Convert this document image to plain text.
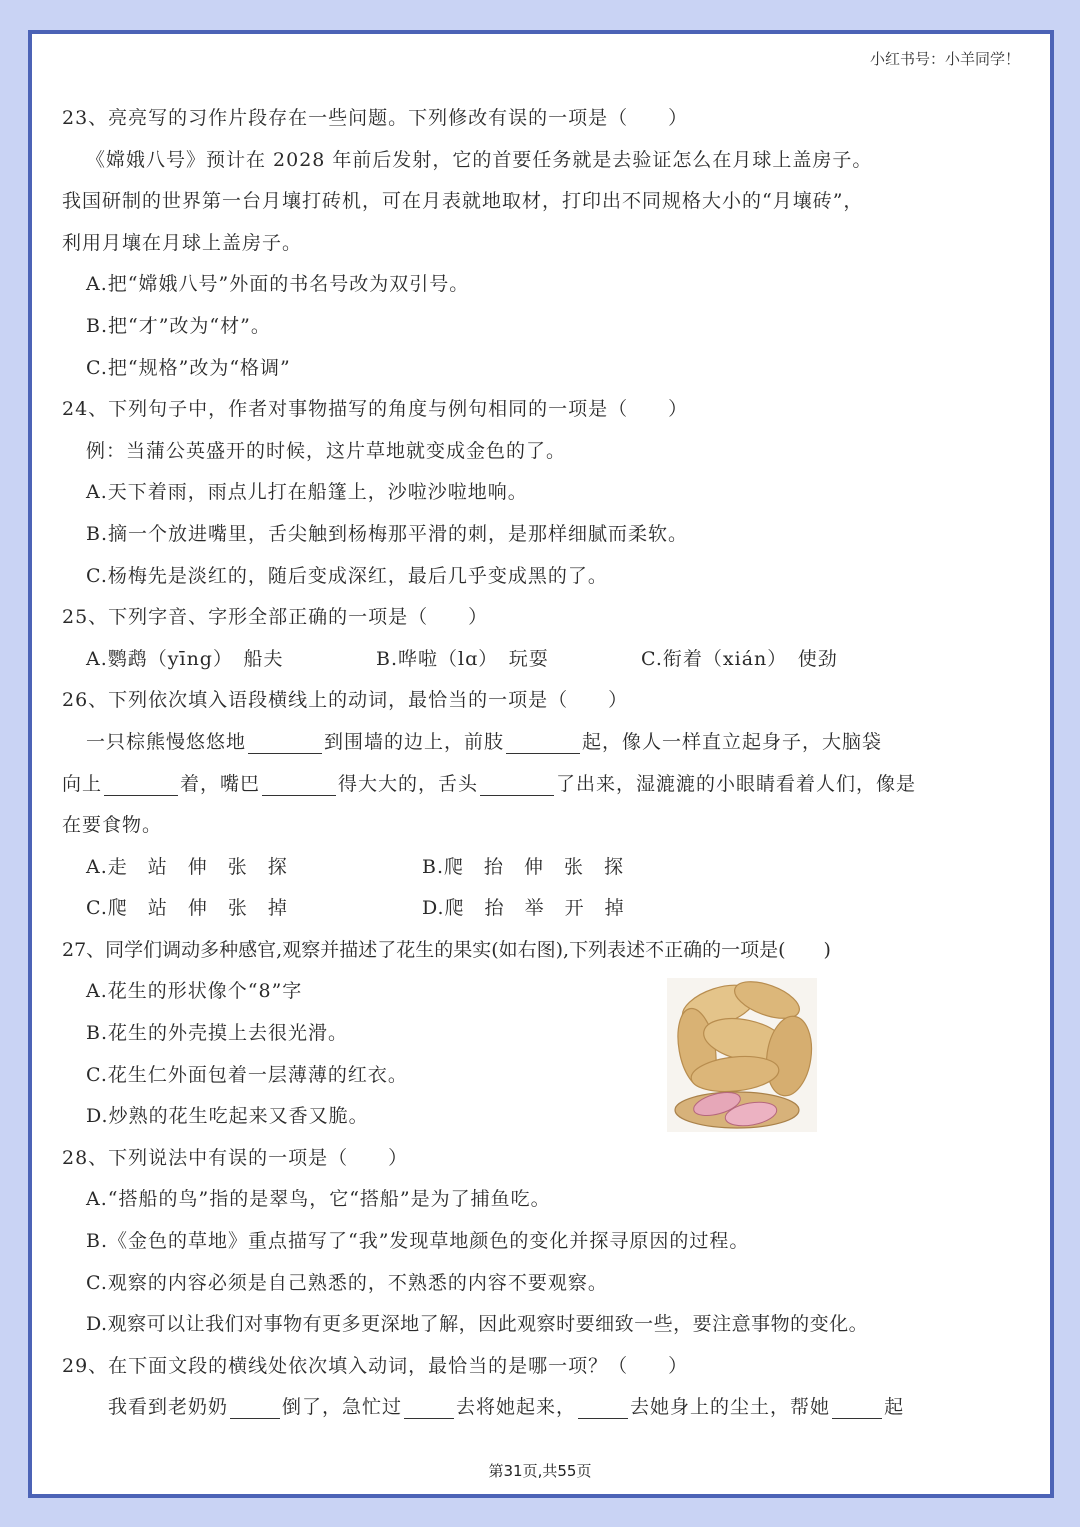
小红书号：小羊同学！
23、亮亮写的习作片段存在一些问题。下列修改有误的一项是（　　）
《嫦娥八号》预计在 2028 年前后发射，它的首要任务就是去验证怎么在月球上盖房子。
我国研制的世界第一台月壤打砖机，可在月表就地取材，打印出不同规格大小的“月壤砖”，
利用月壤在月球上盖房子。
A.把“嫦娥八号”外面的书名号改为双引号。
B.把“才”改为“材”。
C.把“规格”改为“格调”
24、下列句子中，作者对事物描写的角度与例句相同的一项是（　　）
例：当蒲公英盛开的时候，这片草地就变成金色的了。
A.天下着雨，雨点儿打在船篷上，沙啦沙啦地响。
B.摘一个放进嘴里，舌尖触到杨梅那平滑的刺，是那样细腻而柔软。
C.杨梅先是淡红的，随后变成深红，最后几乎变成黑的了。
25、下列字音、字形全部正确的一项是（　　）
A.鹦鹉（yīng）　船夫	B.哗啦（lɑ）　玩耍	C.衔着（xián）　使劲
26、下列依次填入语段横线上的动词，最恰当的一项是（　　）
一只棕熊慢悠悠地	到围墙的边上，前肢	起，像人一样直立起身子，大脑袋
向上	着，嘴巴	得大大的，舌头	了出来，湿漉漉的小眼睛看着人们，像是
在要食物。
A.走　站　伸　张　探	B.爬　抬　伸　张　探
C.爬　站　伸　张　掉	D.爬　抬　举　开　掉
27、同学们调动多种感官,观察并描述了花生的果实(如右图),下列表述不正确的一项是(　　)
A.花生的形状像个“8”字
B.花生的外壳摸上去很光滑。
C.花生仁外面包着一层薄薄的红衣。
D.炒熟的花生吃起来又香又脆。
28、下列说法中有误的一项是（　　）
A.“搭船的鸟”指的是翠鸟，它“搭船”是为了捕鱼吃。
B.《金色的草地》重点描写了“我”发现草地颜色的变化并探寻原因的过程。
C.观察的内容必须是自己熟悉的，不熟悉的内容不要观察。
D.观察可以让我们对事物有更多更深地了解，因此观察时要细致一些，要注意事物的变化。
29、在下面文段的横线处依次填入动词，最恰当的是哪一项？（　　）
我看到老奶奶	倒了，急忙过	去将她起来，	去她身上的尘土，帮她	起
第31页,共55页
